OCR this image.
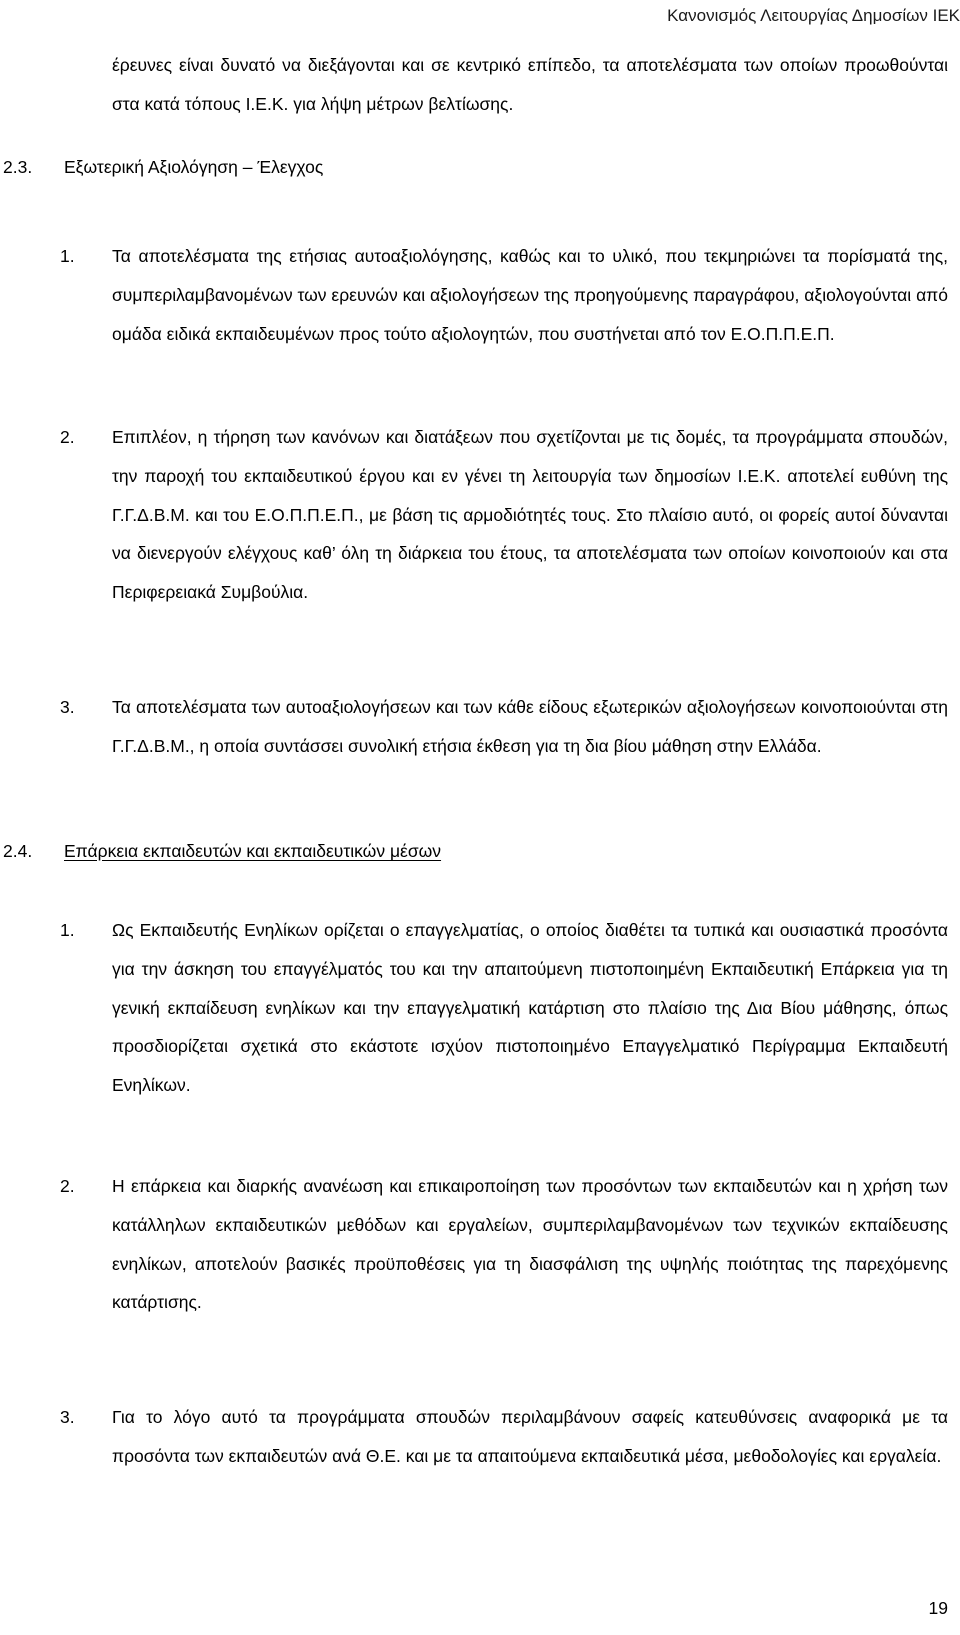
Κανονισμός Λειτουργίας Δημοσίων ΙΕΚ
έρευνες είναι δυνατό να διεξάγονται και σε κεντρικό επίπεδο, τα αποτελέσματα των οποίων προωθούνται στα κατά τόπους Ι.Ε.Κ. για λήψη μέτρων βελτίωσης.
2.3. Εξωτερική Αξιολόγηση – Έλεγχος
1.	Τα αποτελέσματα της ετήσιας αυτοαξιολόγησης, καθώς και το υλικό, που τεκμηριώνει τα πορίσματά της, συμπεριλαμβανομένων των ερευνών και αξιολογήσεων της προηγούμενης παραγράφου, αξιολογούνται από ομάδα ειδικά εκπαιδευμένων προς τούτο αξιολογητών, που συστήνεται από τον Ε.Ο.Π.Π.Ε.Π.
2.	Επιπλέον, η τήρηση των κανόνων και διατάξεων που σχετίζονται με τις δομές, τα προγράμματα σπουδών, την παροχή του εκπαιδευτικού έργου και εν γένει τη λειτουργία των δημοσίων Ι.Ε.Κ. αποτελεί ευθύνη της Γ.Γ.Δ.Β.Μ. και του Ε.Ο.Π.Π.Ε.Π., με βάση τις αρμοδιότητές τους. Στο πλαίσιο αυτό, οι φορείς αυτοί δύνανται να διενεργούν ελέγχους καθ’ όλη τη διάρκεια του έτους, τα αποτελέσματα των οποίων κοινοποιούν και στα Περιφερειακά Συμβούλια.
3.	Τα αποτελέσματα των αυτοαξιολογήσεων και των κάθε είδους εξωτερικών αξιολογήσεων κοινοποιούνται στη Γ.Γ.Δ.Β.Μ., η οποία συντάσσει συνολική ετήσια έκθεση για τη δια βίου μάθηση στην Ελλάδα.
2.4. Επάρκεια εκπαιδευτών και εκπαιδευτικών μέσων
1.	Ως Εκπαιδευτής Ενηλίκων ορίζεται ο επαγγελματίας, ο οποίος διαθέτει τα τυπικά και ουσιαστικά προσόντα για την άσκηση του επαγγέλματός του και την απαιτούμενη πιστοποιημένη Εκπαιδευτική Επάρκεια για τη γενική εκπαίδευση ενηλίκων και την επαγγελματική κατάρτιση στο πλαίσιο της Δια Βίου μάθησης, όπως προσδιορίζεται σχετικά στο εκάστοτε ισχύον πιστοποιημένο Επαγγελματικό Περίγραμμα Εκπαιδευτή Ενηλίκων.
2.	Η επάρκεια και διαρκής ανανέωση και επικαιροποίηση των προσόντων των εκπαιδευτών και η χρήση των κατάλληλων εκπαιδευτικών μεθόδων και εργαλείων, συμπεριλαμβανομένων των τεχνικών εκπαίδευσης ενηλίκων, αποτελούν βασικές προϋποθέσεις για τη διασφάλιση της υψηλής ποιότητας της παρεχόμενης κατάρτισης.
3.	Για το λόγο αυτό τα προγράμματα σπουδών περιλαμβάνουν σαφείς κατευθύνσεις αναφορικά με τα προσόντα των εκπαιδευτών ανά Θ.Ε. και με τα απαιτούμενα εκπαιδευτικά μέσα, μεθοδολογίες και εργαλεία.
19
